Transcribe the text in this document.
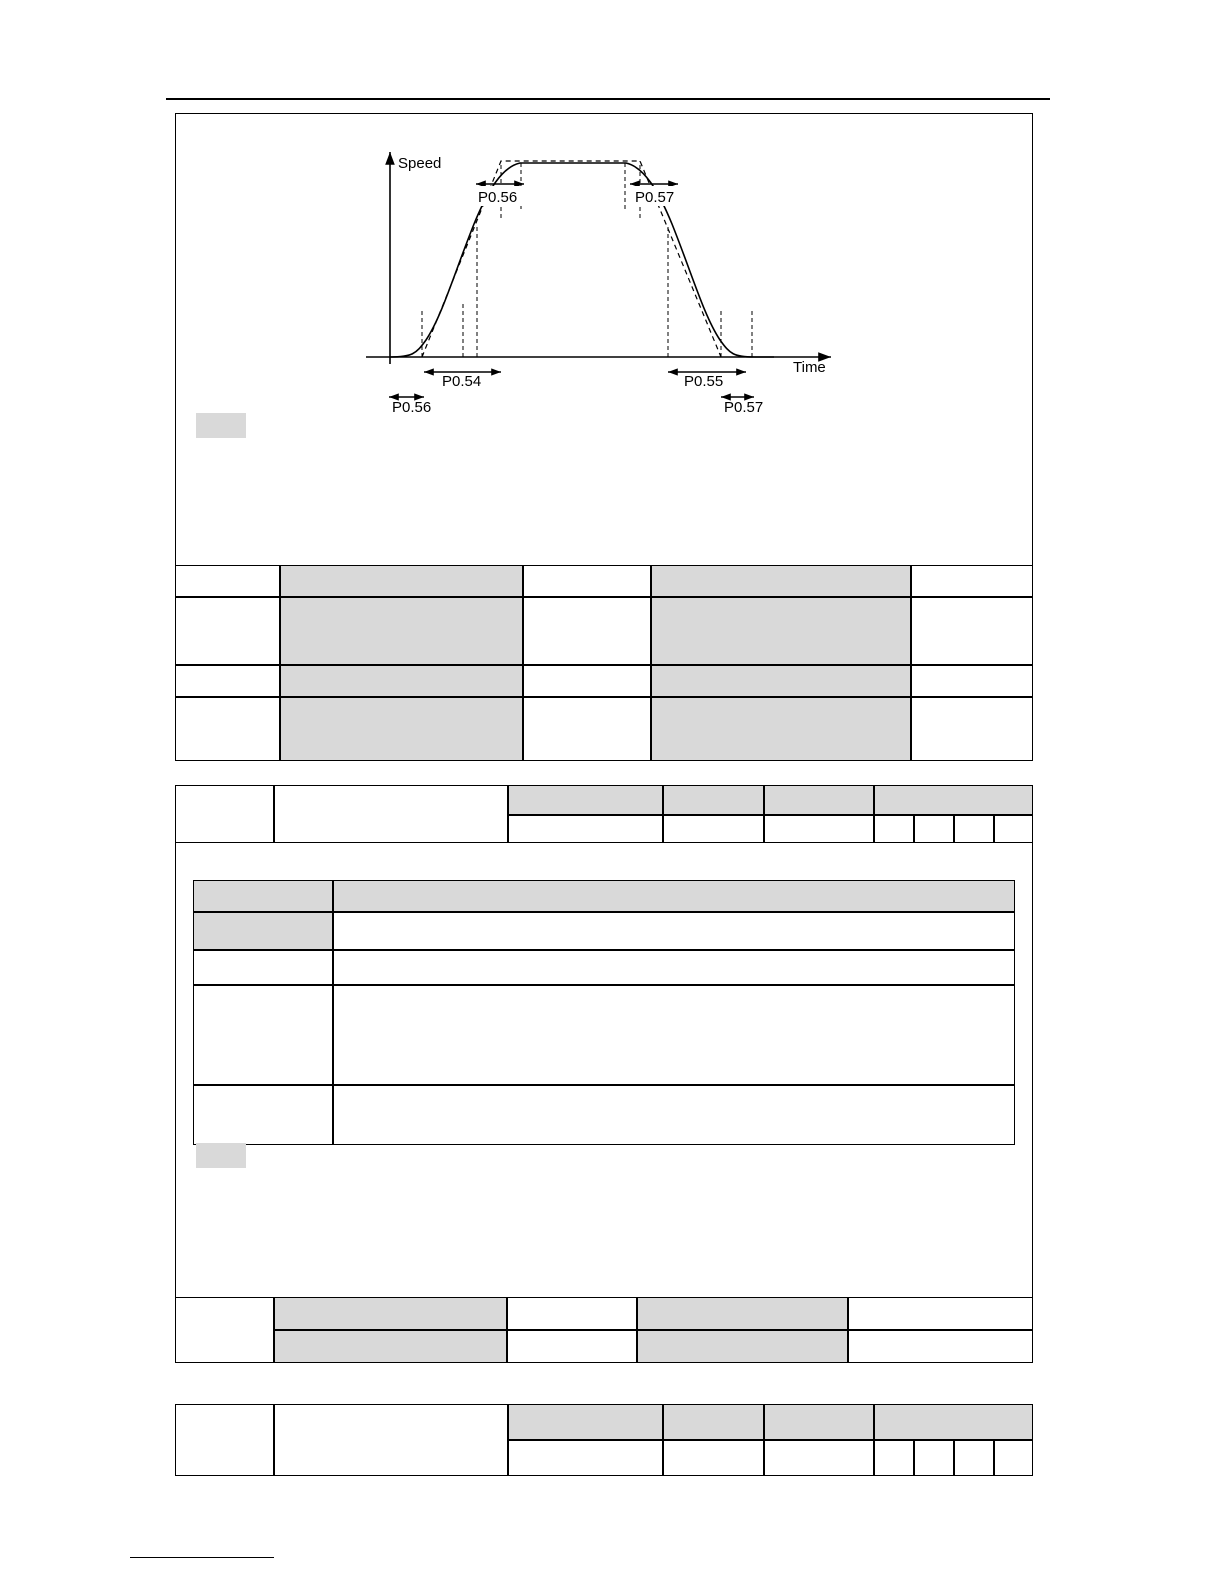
Speed
Time
P0.56	P0.57
P0.54
P0.56
P0.55
P0.57
